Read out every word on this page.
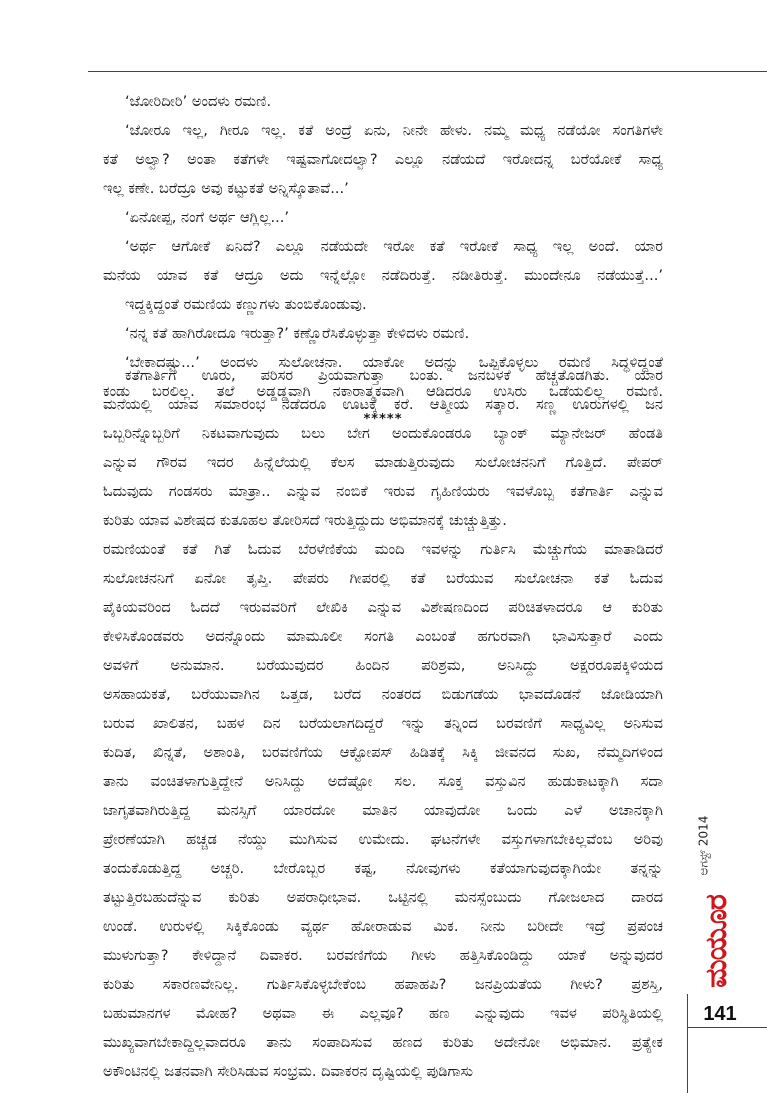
‘ಜೋರಿದೀರಿ’ ಅಂದಳು ರಮಣಿ.
‘ಜೋರೂ ಇಲ್ಲ, ಗೀರೂ ಇಲ್ಲ. ಕತೆ ಅಂದ್ರೆ ಏನು, ನೀನೇ ಹೇಳು. ನಮ್ಮ ಮಧ್ಯ ನಡೆಯೋ ಸಂಗತಿಗಳೇ
ಕತೆ ಅಲ್ವಾ? ಅಂತಾ ಕತೆಗಳೇ ಇಷ್ಟವಾಗೋದಲ್ವಾ? ಎಲ್ಲೂ ನಡೆಯದೆ ಇರೋದನ್ನ ಬರೆಯೋಕೆ ಸಾಧ್ಯ
ಇಲ್ಲ ಕಣೇ. ಬರೆದ್ರೂ ಅವು ಕಟ್ಟುಕತೆ ಅನ್ನಿಸ್ಕೊತಾವೆ...’
‘ಏನೋಪ್ಪ, ನಂಗೆ ಅರ್ಥ ಆಗ್ಲಿಲ್ಲ...’
‘ಅರ್ಥ ಆಗೋಕೆ ಏನಿದೆ? ಎಲ್ಲೂ ನಡೆಯದೇ ಇರೋ ಕತೆ ಇರೋಕೆ ಸಾಧ್ಯ ಇಲ್ಲ ಅಂದೆ. ಯಾರ
ಮನೆಯ ಯಾವ ಕತೆ ಆದ್ರೂ ಅದು ಇನ್ನೆಲ್ಲೋ ನಡೆದಿರುತ್ತೆ. ನಡೀತಿರುತ್ತೆ. ಮುಂದೇನೂ ನಡೆಯುತ್ತೆ...’
ಇದ್ದಕ್ಕಿದ್ದಂತೆ ರಮಣಿಯ ಕಣ್ಣುಗಳು ತುಂಬಿಕೊಂಡುವು.
‘ನನ್ನ ಕತೆ ಹಾಗಿರೋದೂ ಇರುತ್ತಾ?’ ಕಣ್ಣೊರೆಸಿಕೊಳ್ಳುತ್ತಾ ಕೇಳಿದಳು ರಮಣಿ.
‘ಬೇಕಾದಷ್ಟು...’ ಅಂದಳು ಸುಲೋಚನಾ. ಯಾಕೋ ಅದನ್ನು ಒಪ್ಪಿಕೊಳ್ಳಲು ರಮಣಿ ಸಿದ್ಧಳಿದ್ದಂತೆ
ಕಂಡು ಬರಲಿಲ್ಲ. ತಲೆ ಅಡ್ಡಡ್ಡವಾಗಿ ನಕಾರಾತ್ಮಕವಾಗಿ ಆಡಿದರೂ ಉಸಿರು ಒಡೆಯಲಿಲ್ಲ ರಮಣಿ.
*****
ಕತೆಗಾರ್ತಿಗೆ ಊರು, ಪರಿಸರ ಪ್ರಿಯವಾಗುತ್ತಾ ಬಂತು. ಜನಬಳಕೆ ಹೆಚ್ಚತೊಡಗಿತು. ಯಾರ
ಮನೆಯಲ್ಲಿ ಯಾವ ಸಮಾರಂಭ ನಡೆದರೂ ಊಟಕ್ಕೆ ಕರೆ. ಆತ್ಮೀಯ ಸತ್ಕಾರ. ಸಣ್ಣ ಊರುಗಳಲ್ಲಿ ಜನ
ಒಬ್ಬರಿನ್ನೊಬ್ಬರಿಗೆ ನಿಕಟವಾಗುವುದು ಬಲು ಬೇಗ ಅಂದುಕೊಂಡರೂ ಬ್ಯಾಂಕ್ ಮ್ಯಾನೇಜರ್ ಹೆಂಡತಿ
ಎನ್ನುವ ಗೌರವ ಇದರ ಹಿನ್ನೆಲೆಯಲ್ಲಿ ಕೆಲಸ ಮಾಡುತ್ತಿರುವುದು ಸುಲೋಚನನಿಗೆ ಗೊತ್ತಿದೆ. ಪೇಪರ್
ಓದುವುದು ಗಂಡಸರು ಮಾತ್ರಾ.. ಎನ್ನುವ ನಂಬಿಕೆ ಇರುವ ಗೃಹಿಣಿಯರು ಇವಳೊಬ್ಬ ಕತೆಗಾರ್ತಿ ಎನ್ನುವ
ಕುರಿತು ಯಾವ ವಿಶೇಷದ ಕುತೂಹಲ ತೋರಿಸದೆ ಇರುತ್ತಿದ್ದುದು ಅಭಿಮಾನಕ್ಕೆ ಚುಚ್ಚುತ್ತಿತ್ತು.
ರಮಣಿಯಂತೆ ಕತೆ ಗಿತೆ ಓದುವ ಬೆರಳೆಣಿಕೆಯ ಮಂದಿ ಇವಳನ್ನು ಗುರ್ತಿಸಿ ಮೆಚ್ಚುಗೆಯ ಮಾತಾಡಿದರೆ
ಸುಲೋಚನನಿಗೆ ಏನೋ ತೃಪ್ತಿ. ಪೇಪರು ಗೀಪರಲ್ಲಿ ಕತೆ ಬರೆಯುವ ಸುಲೋಚನಾ ಕತೆ ಓದುವ
ಪೈಕಿಯವರಿಂದ ಓದದೆ ಇರುವವರಿಗೆ ಲೇಖಿಕಿ ಎನ್ನುವ ವಿಶೇಷಣದಿಂದ ಪರಿಚಿತಳಾದರೂ ಆ ಕುರಿತು
ಕೇಳಿಸಿಕೊಂಡವರು ಅದನ್ನೊಂದು ಮಾಮೂಲೀ ಸಂಗತಿ ಎಂಬಂತೆ ಹಗುರವಾಗಿ ಭಾವಿಸುತ್ತಾರೆ ಎಂದು
ಅವಳಿಗೆ ಅನುಮಾನ. ಬರೆಯುವುದರ ಹಿಂದಿನ ಪರಿಶ್ರಮ, ಅನಿಸಿದ್ದು ಅಕ್ಷರರೂಪಕ್ಕಿಳಿಯದ
ಅಸಹಾಯಕತೆ, ಬರೆಯುವಾಗಿನ ಒತ್ತಡ, ಬರೆದ ನಂತರದ ಬಿಡುಗಡೆಯ ಭಾವದೊಡನೆ ಜೋಡಿಯಾಗಿ
ಬರುವ ಖಾಲಿತನ, ಬಹಳ ದಿನ ಬರೆಯಲಾಗದಿದ್ದರೆ ಇನ್ನು ತನ್ನಿಂದ ಬರವಣಿಗೆ ಸಾಧ್ಯವಿಲ್ಲ ಅನಿಸುವ
ಕುದಿತ, ಖಿನ್ನತೆ, ಅಶಾಂತಿ, ಬರವಣಿಗೆಯ ಆಕ್ಟೋಪಸ್ ಹಿಡಿತಕ್ಕೆ ಸಿಕ್ಕಿ ಜೀವನದ ಸುಖ, ನೆಮ್ಮದಿಗಳಿಂದ
ತಾನು ವಂಚಿತಳಾಗುತ್ತಿದ್ದೇನೆ ಅನಿಸಿದ್ದು ಅದೆಷ್ಟೋ ಸಲ. ಸೂಕ್ತ ವಸ್ತುವಿನ ಹುಡುಕಾಟಕ್ಕಾಗಿ ಸದಾ
ಜಾಗೃತವಾಗಿರುತ್ತಿದ್ದ ಮನಸ್ಸಿಗೆ ಯಾರದೋ ಮಾತಿನ ಯಾವುದೋ ಒಂದು ಎಳೆ ಅಚಾನಕ್ಕಾಗಿ
ಪ್ರೇರಣೆಯಾಗಿ ಹಚ್ಚಡ ನೆಯ್ದು ಮುಗಿಸುವ ಉಮೇದು. ಘಟನೆಗಳೇ ವಸ್ತುಗಳಾಗಬೇಕಿಲ್ಲವೆಂಬ ಅರಿವು
ತಂದುಕೊಡುತ್ತಿದ್ದ ಅಚ್ಚರಿ. ಬೇರೊಬ್ಬರ ಕಷ್ಟ, ನೋವುಗಳು ಕತೆಯಾಗುವುದಕ್ಕಾಗಿಯೇ ತನ್ನನ್ನು
ತಟ್ಟುತ್ತಿರಬಹುದೆನ್ನುವ ಕುರಿತು ಅಪರಾಧೀಭಾವ. ಒಟ್ಟಿನಲ್ಲಿ ಮನಸ್ಸೆಂಬುದು ಗೋಜಲಾದ ದಾರದ
ಉಂಡೆ. ಉರುಳಲ್ಲಿ ಸಿಕ್ಕಿಕೊಂಡು ವ್ಯರ್ಥ ಹೋರಾಡುವ ಮಿಕ. ನೀನು ಬರೀದೇ ಇದ್ರೆ ಪ್ರಪಂಚ
ಮುಳುಗುತ್ತಾ? ಕೇಳಿದ್ದಾನೆ ದಿವಾಕರ. ಬರವಣಿಗೆಯ ಗೀಳು ಹತ್ತಿಸಿಕೊಂಡಿದ್ದು ಯಾಕೆ ಅನ್ನುವುದರ
ಕುರಿತು ಸಕಾರಣವೇನಿಲ್ಲ. ಗುರ್ತಿಸಿಕೊಳ್ಳಬೇಕೆಂಬ ಹಪಾಹಪಿ? ಜನಪ್ರಿಯತೆಯ ಗೀಳು? ಪ್ರಶಸ್ತಿ,
ಬಹುಮಾನಗಳ ಮೋಹ? ಅಥವಾ ಈ ಎಲ್ಲವೂ? ಹಣ ಎನ್ನುವುದು ಇವಳ ಪರಿಸ್ಥಿತಿಯಲ್ಲಿ
ಮುಖ್ಯವಾಗಬೇಕಾದ್ದಿಲ್ಲವಾದರೂ ತಾನು ಸಂಪಾದಿಸುವ ಹಣದ ಕುರಿತು ಅದೇನೋ ಅಭಿಮಾನ. ಪ್ರತ್ಯೇಕ
ಅಕೌಂಟಿನಲ್ಲಿ ಜತನವಾಗಿ ಸೇರಿಸಿಡುವ ಸಂಭ್ರಮ. ದಿವಾಕರನ ದೃಷ್ಟಿಯಲ್ಲಿ ಪುಡಿಗಾಸು
ಆಗಸ್ಟ್ 2014
ಮಯೂರ
141
